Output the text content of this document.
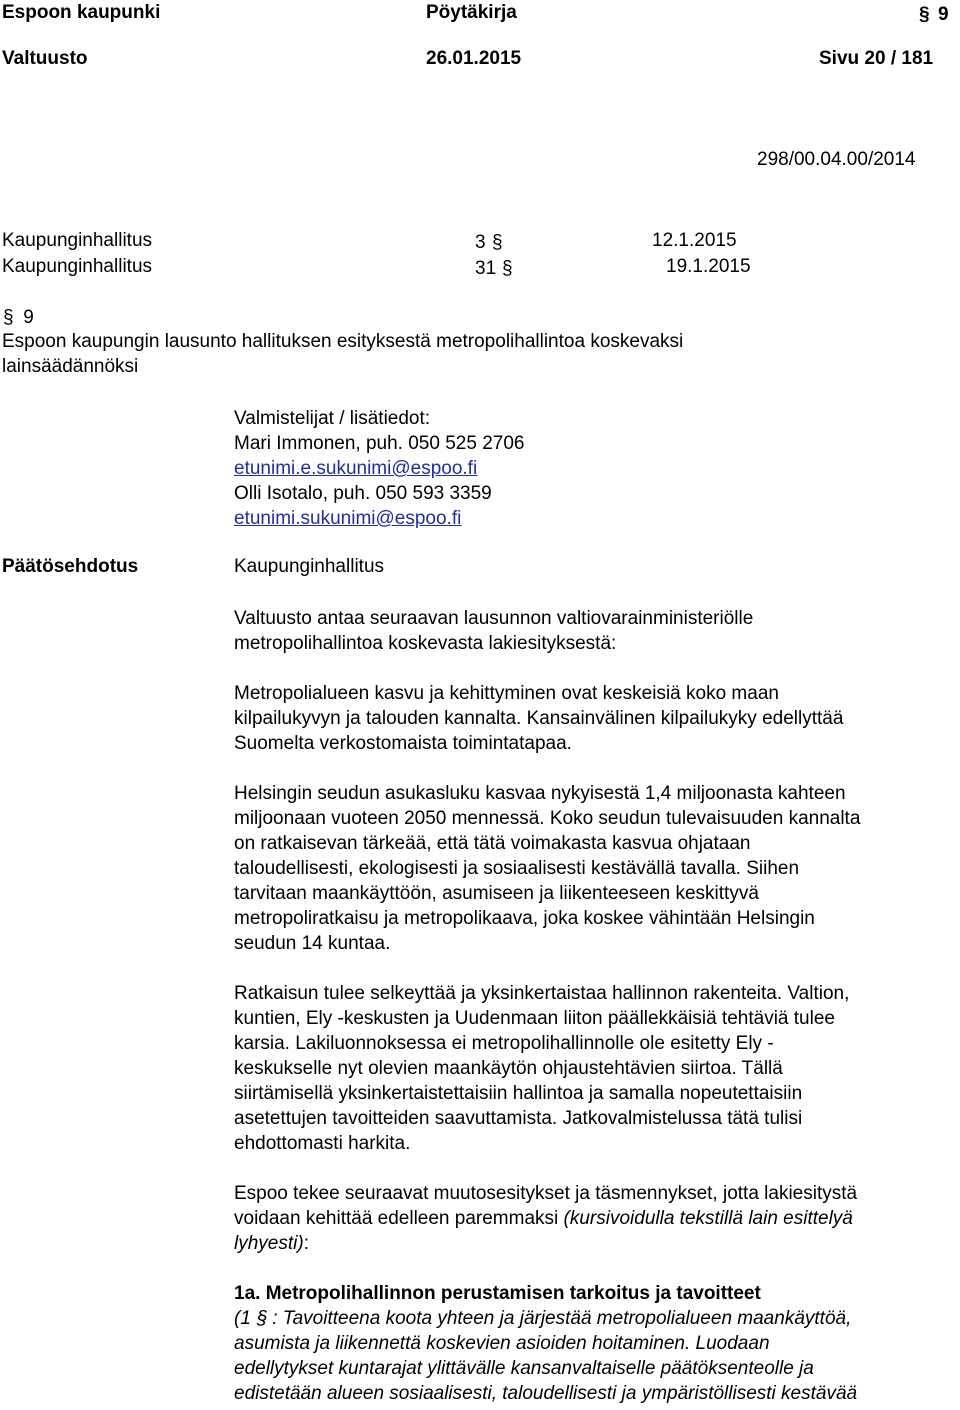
Espoon kaupunki	Pöytäkirja	§ 9
Valtuusto	26.01.2015	Sivu 20 / 181
298/00.04.00/2014
Kaupunginhallitus	3 §	12.1.2015
Kaupunginhallitus	31 §	19.1.2015
§ 9
Espoon kaupungin lausunto hallituksen esityksestä metropolihallintoa koskevaksi
lainsäädännöksi

Valmistelijat / lisätiedot:

Mari Immonen, puh. 050 525 2706

etunimi.e.sukunimi@espoo.fi

Olli Isotalo, puh. 050 593 3359

etunimi.sukunimi@espoo.fi

Päätösehdotus	Kaupunginhallitus

Valtuusto antaa seuraavan lausunnon valtiovarainministeriölle

metropolihallintoa koskevasta lakiesityksestä:

Metropolialueen kasvu ja kehittyminen ovat keskeisiä koko maan

kilpailukyvyn ja talouden kannalta. Kansainvälinen kilpailukyky edellyttää

Suomelta verkostomaista toimintatapaa.

Helsingin seudun asukasluku kasvaa nykyisestä 1,4 miljoonasta kahteen

miljoonaan vuoteen 2050 mennessä. Koko seudun tulevaisuuden kannalta

on ratkaisevan tärkeää, että tätä voimakasta kasvua ohjataan

taloudellisesti, ekologisesti ja sosiaalisesti kestävällä tavalla. Siihen

tarvitaan maankäyttöön, asumiseen ja liikenteeseen keskittyvä

metropoliratkaisu ja metropolikaava, joka koskee vähintään Helsingin

seudun 14 kuntaa.

Ratkaisun tulee selkeyttää ja yksinkertaistaa hallinnon rakenteita. Valtion,

kuntien, Ely -keskusten ja Uudenmaan liiton päällekkäisiä tehtäviä tulee

karsia. Lakiluonnoksessa ei metropolihallinnolle ole esitetty Ely -

keskukselle nyt olevien maankäytön ohjaustehtävien siirtoa. Tällä

siirtämisellä yksinkertaistettaisiin hallintoa ja samalla nopeutettaisiin

asetettujen tavoitteiden saavuttamista. Jatkovalmistelussa tätä tulisi

ehdottomasti harkita.

Espoo tekee seuraavat muutosesitykset ja täsmennykset, jotta lakiesitystä

voidaan kehittää edelleen paremmaksi (kursivoidulla tekstillä lain esittelyä

lyhyesti):

1a. Metropolihallinnon perustamisen tarkoitus ja tavoitteet

(1 § : Tavoitteena koota yhteen ja järjestää metropolialueen maankäyttöä,

asumista ja liikennettä koskevien asioiden hoitaminen. Luodaan

edellytykset kuntarajat ylittävälle kansanvaltaiselle päätöksenteolle ja

edistetään alueen sosiaalisesti, taloudellisesti ja ympäristöllisesti kestävää
